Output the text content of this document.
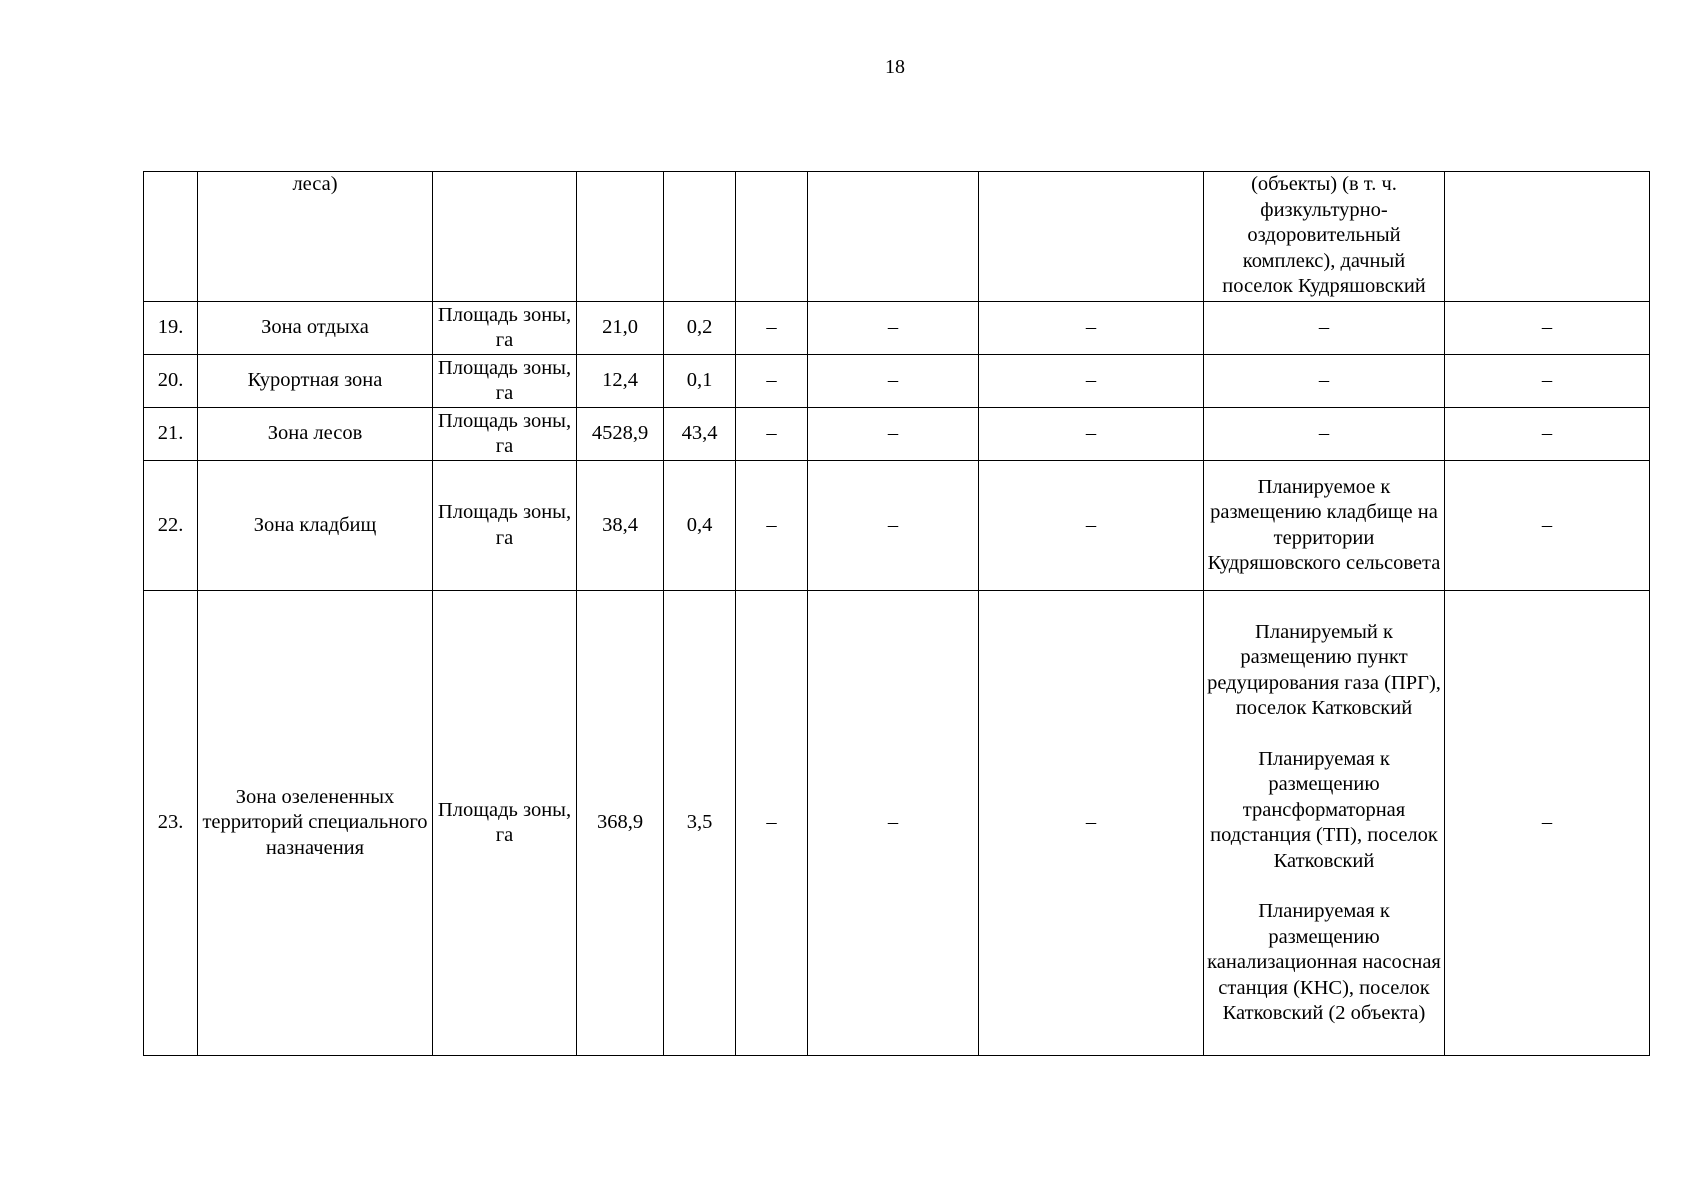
18
	леса)							(объекты) (в т. ч. физкультурно-оздоровительный комплекс), дачный поселок Кудряшовский	
19.	Зона отдыха	Площадь зоны, га	21,0	0,2	–	–	–	–	–
20.	Курортная зона	Площадь зоны, га	12,4	0,1	–	–	–	–	–
21.	Зона лесов	Площадь зоны, га	4528,9	43,4	–	–	–	–	–
22.	Зона кладбищ	Площадь зоны, га	38,4	0,4	–	–	–	Планируемое к размещению кладбище на территории Кудряшовского сельсовета	–
23.	Зона озелененных территорий специального назначения	Площадь зоны, га	368,9	3,5	–	–	–	Планируемый к размещению пункт редуцирования газа (ПРГ), поселок Катковский
Планируемая к размещению трансформаторная подстанция (ТП), поселок Катковский
Планируемая к размещению канализационная насосная станция (КНС), поселок Катковский (2 объекта)	–
